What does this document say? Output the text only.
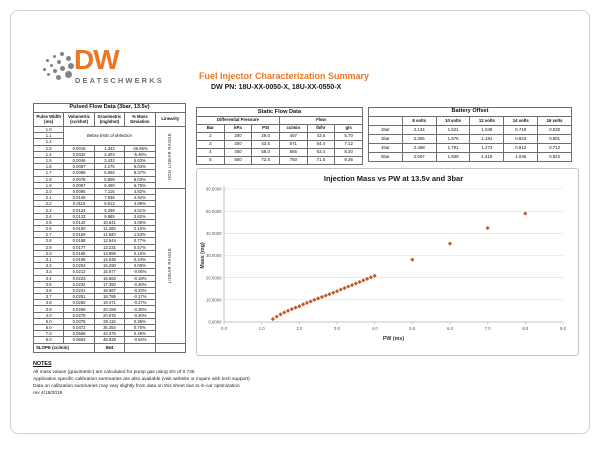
DW
DEATSCHWERKS	Fuel Injector Characterization Summary
DW PN: 18U-XX-0050-X, 18U-XX-0550-X
Pulsed Flow Data (3bar, 13.5v)				
Pulse Width (ms)	Volumetric (cc/shot)	Gravimetric (mg/shot)	% Mass Deviation	Linearity
1.0	Below limits of detection			NON LINEAR RANGE
1.1				
1.2				
1.3	0.0018	1.342	-26.85%	
1.4	0.0032	2.403	-5.48%	
1.5	0.0046	3.432	5.63%	
1.6	0.0057	4.275	8.03%	
1.7	0.0068	5.055	8.37%	
1.8	0.0078	5.808	8.03%	
1.9	0.0087	6.490	6.75%	
2.0	0.0095	7.115	4.82%	LINEAR RANGE
2.1	0.0106	7.936	4.92%	
2.2	0.0115	8.612	4.99%	
2.3	0.0124	9.268	4.01%	
2.4	0.0133	9.985	3.82%	
2.5	0.0142	10.641	3.05%	
2.6	0.0150	11.265	2.10%	
2.7	0.0159	11.920	1.53%	
2.8	0.0168	12.544	0.77%	
2.9	0.0177	13.231	0.57%	
3.0	0.0185	13.886	0.16%	
3.1	0.0195	14.635	0.44%	
3.2	0.0204	15.290	0.08%	
3.3	0.0213	15.977	-0.06%	
3.4	0.0223	16.663	-0.18%	
3.5	0.0232	17.350	-0.30%	
3.6	0.0241	18.067	-0.23%	
3.7	0.0251	18.785	-0.17%	
3.8	0.0260	19.471	-0.27%	
3.9	0.0269	20.158	-0.36%	
4.0	0.0279	20.876	-0.30%	
5.0	0.0375	28.115	0.36%	
6.0	0.0472	35.354	0.75%	
7.0	0.0566	42.375	0.49%	
8.0	0.0653	48.928	-0.64%	
SLOPE (cc/min)		564		
Static Flow Data					
Differential Pressure			Flow		
Bar	kPa	PSI	cc/min	lb/hr	g/s
2	200	29.0	457	43.5	5.70
3	300	43.5	571	54.4	7.12
4	400	58.0	665	63.4	8.30
5	500	72.5	750	71.5	9.36
Battery Offset					
	8 volts	10 volts	12 volts	14 volts	16 volts
2bar	2.134	1.521	1.049	0.719	0.530
3bar	2.305	1.675	1.181	0.823	0.601
4bar	2.468	1.791	1.273	0.913	0.712
5bar	2.607	1.939	1.419	1.046	0.822
Injection Mass vs PW at 13.5v and 3bar
0.0000
10.0000
20.0000
30.0000
40.0000
50.0000
60.0000
0.0	1.0	2.0	3.0	4.0	5.0	6.0	7.0	8.0	9.0
PW (ms)
Mass (mg)
NOTES
All mass values (gravimetric) are calculated for pump gas using SG of 0.745
Application specific calibration summaries are also available (visit website or inquire with tech support)
Data on calibration summaries may vary slightly from data on this sheet due to in-car optimization
rev 4/18/2018
